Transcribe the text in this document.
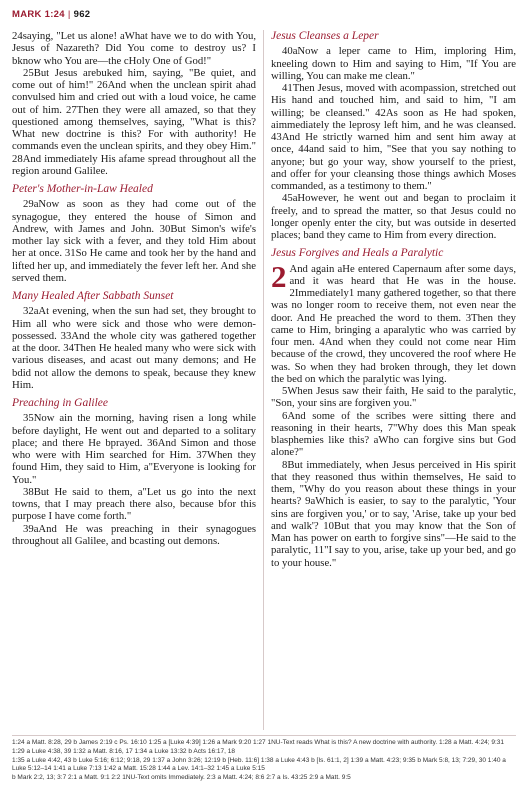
MARK 1:24 | 962

24saying, "Let us alone! aWhat have we to do with You, Jesus of Nazareth? Did You come to destroy us? I bknow who You are—the cHoly One of God!"

25But Jesus arebuked him, saying, "Be quiet, and come out of him!" 26And when the unclean spirit ahad convulsed him and cried out with a loud voice, he came out of him. 27Then they were all amazed, so that they questioned among themselves, saying, "What is this? What new doctrine is this? For with authority! He commands even the unclean spirits, and they obey Him." 28And immediately His afame spread throughout all the region around Galilee.

Peter's Mother-in-Law Healed

29aNow as soon as they had come out of the synagogue, they entered the house of Simon and Andrew, with James and John. 30But Simon's wife's mother lay sick with a fever, and they told Him about her at once. 31So He came and took her by the hand and lifted her up, and immediately the fever left her. And she served them.

Many Healed After Sabbath Sunset

32aAt evening, when the sun had set, they brought to Him all who were sick and those who were demon-possessed. 33And the whole city was gathered together at the door. 34Then He healed many who were sick with various diseases, and acast out many demons; and He bdid not allow the demons to speak, because they knew Him.

Preaching in Galilee

35Now ain the morning, having risen a long while before daylight, He went out and departed to a solitary place; and there He bprayed. 36And Simon and those who were with Him searched for Him. 37When they found Him, they said to Him, a"Everyone is looking for You."

38But He said to them, a"Let us go into the next towns, that I may preach there also, because bfor this purpose I have come forth."

39aAnd He was preaching in their synagogues throughout all Galilee, and bcasting out demons.

Jesus Cleanses a Leper

40aNow a leper came to Him, imploring Him, kneeling down to Him and saying to Him, "If You are willing, You can make me clean."

41Then Jesus, moved with acompassion, stretched out His hand and touched him, and said to him, "I am willing; be cleansed." 42As soon as He had spoken, aimmediately the leprosy left him, and he was cleansed. 43And He strictly warned him and sent him away at once, 44and said to him, "See that you say nothing to anyone; but go your way, show yourself to the priest, and offer for your cleansing those things awhich Moses commanded, as a testimony to them."

45aHowever, he went out and began to proclaim it freely, and to spread the matter, so that Jesus could no longer openly enter the city, but was outside in deserted places; band they came to Him from every direction.

Jesus Forgives and Heals a Paralytic

2 And again aHe entered Capernaum after some days, and it was heard that He was in the house. 2Immediately1 many gathered together, so that there was no longer room to receive them, not even near the door. And He preached the word to them. 3Then they came to Him, bringing a aparalytic who was carried by four men. 4And when they could not come near Him because of the crowd, they uncovered the roof where He was. So when they had broken through, they let down the bed on which the paralytic was lying.

5When Jesus saw their faith, He said to the paralytic, "Son, your sins are forgiven you."

6And some of the scribes were sitting there and reasoning in their hearts, 7"Why does this Man speak blasphemies like this? aWho can forgive sins but God alone?"

8But immediately, when Jesus perceived in His spirit that they reasoned thus within themselves, He said to them, "Why do you reason about these things in your hearts? 9aWhich is easier, to say to the paralytic, 'Your sins are forgiven you,' or to say, 'Arise, take up your bed and walk'? 10But that you may know that the Son of Man has power on earth to forgive sins"—He said to the paralytic, 11"I say to you, arise, take up your bed, and go to your house."

1:24 a Matt. 8:28, 29 b James 2:19 c Ps. 16:10 1:25 a [Luke 4:39] 1:26 a Mark 9:20 1:27 1NU-Text reads What is this? A new doctrine with authority. 1:28 a Matt. 4:24; 9:31 1:29 a Luke 4:38, 39 1:32 a Matt. 8:16, 17 1:34 a Luke 13:32 b Acts 16:17, 18
1:35 a Luke 4:42, 43 b Luke 5:16; 6:12; 9:18, 29 1:37 a John 3:26; 12:19 b [Heb. 11:6] 1:38 a Luke 4:43 b [Is. 61:1, 2] 1:39 a Matt. 4:23; 9:35 b Mark 5:8, 13; 7:29, 30 1:40 a Luke 5:12–14 1:41 a Luke 7:13 1:42 a Matt. 15:28 1:44 a Lev. 14:1–32 1:45 a Luke 5:15
b Mark 2:2, 13; 3:7 2:1 a Matt. 9:1 2:2 1NU-Text omits Immediately. 2:3 a Matt. 4:24; 8:6 2:7 a Is. 43:25 2:9 a Matt. 9:5
